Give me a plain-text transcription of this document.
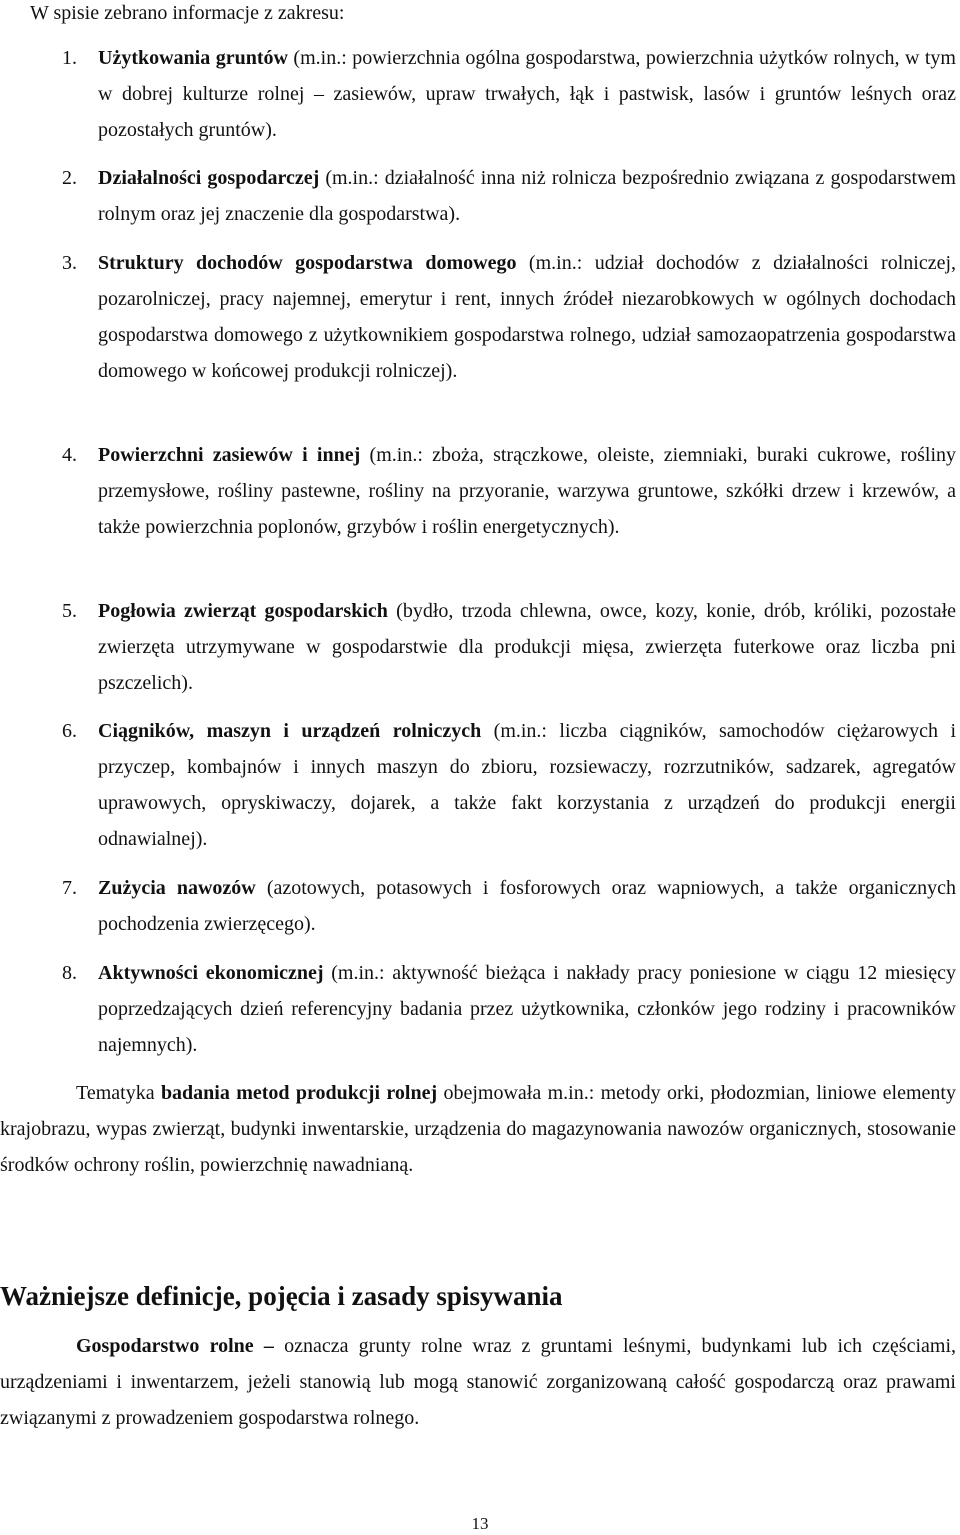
W spisie zebrano informacje z zakresu:
1.	Użytkowania gruntów (m.in.: powierzchnia ogólna gospodarstwa, powierzchnia użytków rolnych, w tym w dobrej kulturze rolnej – zasiewów, upraw trwałych, łąk i pastwisk, lasów i gruntów leśnych oraz pozostałych gruntów).
2.	Działalności gospodarczej (m.in.: działalność inna niż rolnicza bezpośrednio związana z gospodarstwem rolnym oraz jej znaczenie dla gospodarstwa).
3.	Struktury dochodów gospodarstwa domowego (m.in.: udział dochodów z działalności rolniczej, pozarolniczej, pracy najemnej, emerytur i rent, innych źródeł niezarobkowych w ogólnych dochodach gospodarstwa domowego z użytkownikiem gospodarstwa rolnego, udział samozaopatrzenia gospodarstwa domowego w końcowej produkcji rolniczej).
4.	Powierzchni zasiewów i innej (m.in.: zboża, strączkowe, oleiste, ziemniaki, buraki cukrowe, rośliny przemysłowe, rośliny pastewne, rośliny na przyoranie, warzywa gruntowe, szkółki drzew i krzewów, a także powierzchnia poplonów, grzybów i roślin energetycznych).
5.	Pogłowia zwierząt gospodarskich (bydło, trzoda chlewna, owce, kozy, konie, drób, króliki, pozostałe zwierzęta utrzymywane w gospodarstwie dla produkcji mięsa, zwierzęta futerkowe oraz liczba pni pszczelich).
6.	Ciągników, maszyn i urządzeń rolniczych (m.in.: liczba ciągników, samochodów ciężarowych i przyczep, kombajnów i innych maszyn do zbioru, rozsiewaczy, rozrzutników, sadzarek, agregatów uprawowych, opryskiwaczy, dojarek, a także fakt korzystania z urządzeń do produkcji energii odnawialnej).
7.	Zużycia nawozów (azotowych, potasowych i fosforowych oraz wapniowych, a także organicznych pochodzenia zwierzęcego).
8.	Aktywności ekonomicznej (m.in.: aktywność bieżąca i nakłady pracy poniesione w ciągu 12 miesięcy poprzedzających dzień referencyjny badania przez użytkownika, członków jego rodziny i pracowników najemnych).
Tematyka badania metod produkcji rolnej obejmowała m.in.: metody orki, płodozmian, liniowe elementy krajobrazu, wypas zwierząt, budynki inwentarskie, urządzenia do magazynowania nawozów organicznych, stosowanie środków ochrony roślin, powierzchnię nawadnianą.
Ważniejsze definicje, pojęcia i zasady spisywania
Gospodarstwo rolne – oznacza grunty rolne wraz z gruntami leśnymi, budynkami lub ich częściami, urządzeniami i inwentarzem, jeżeli stanowią lub mogą stanowić zorganizowaną całość gospodarczą oraz prawami związanymi z prowadzeniem gospodarstwa rolnego.
13
